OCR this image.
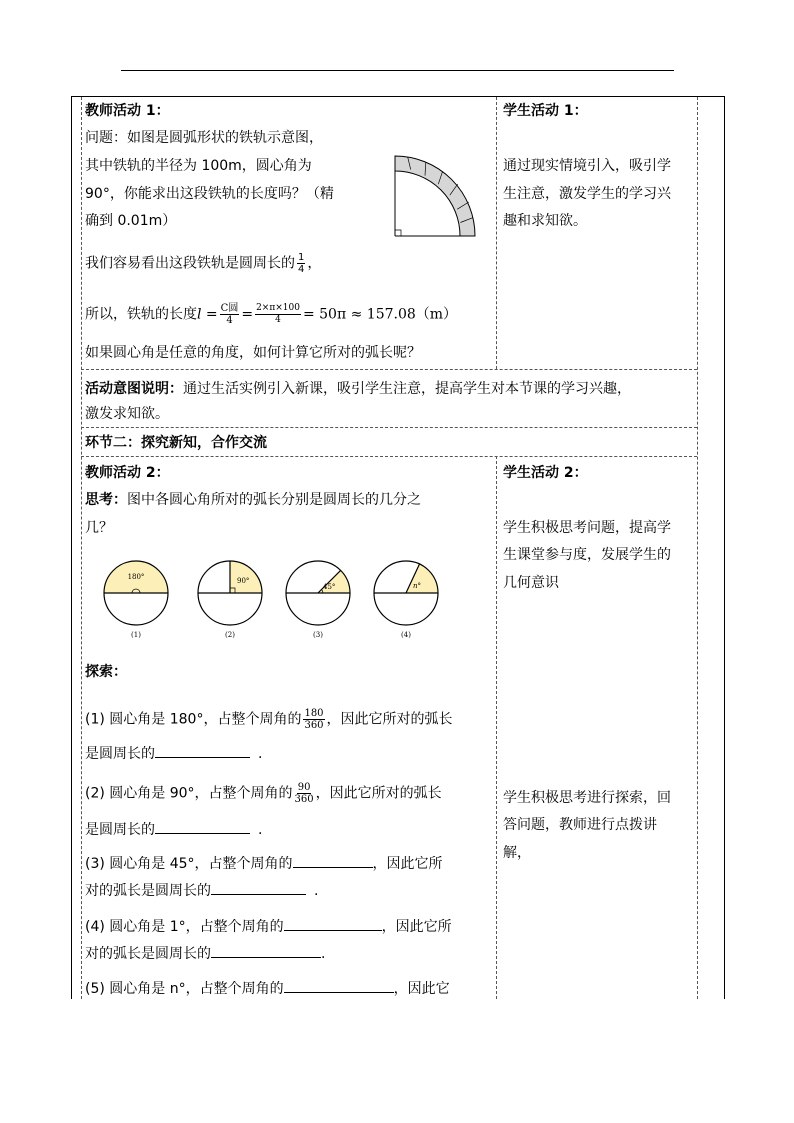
教师活动 1：
问题：如图是圆弧形状的铁轨示意图，
其中铁轨的半径为 100m，圆心角为
90°，你能求出这段铁轨的长度吗？（精
确到 0.01m）
我们容易看出这段铁轨是圆周长的 $\frac{1}{4}$ ，
所以，铁轨的长度$l = \frac{\text{C圆}}{4} = \frac{2\times\pi\times 100}{4} = 50\pi \approx 157.08(m)$
如果圆心角是任意的角度，如何计算它所对的弧长呢？
学生活动 1：
通过现实情境引入，吸引学
生注意，激发学生的学习兴
趣和求知欲。
活动意图说明：通过生活实例引入新课，吸引学生注意，提高学生对本节课的学习兴趣，
激发求知欲。
环节二：探究新知，合作交流
教师活动 2：
思考：图中各圆心角所对的弧长分别是圆周长的几分之
几？
180°
(1)
90°
(2)
45°
(3)
n°
(4)
探索：
(1) 圆心角是 180°，占整个周角的 $\frac{180}{360}$ ，因此它所对的弧长
是圆周长的	.
(2) 圆心角是 90°，占整个周角的 $\frac{90}{360}$ ，因此它所对的弧长
是圆周长的	.
(3) 圆心角是 45°，占整个周角的	，因此它所
对的弧长是圆周长的	.
(4) 圆心角是 1°，占整个周角的	，因此它所
对的弧长是圆周长的	.
(5) 圆心角是 n°，占整个周角的	，因此它
学生活动 2：
学生积极思考问题，提高学
生课堂参与度，发展学生的
几何意识
学生积极思考进行探索，回
答问题，教师进行点拨讲
解，
